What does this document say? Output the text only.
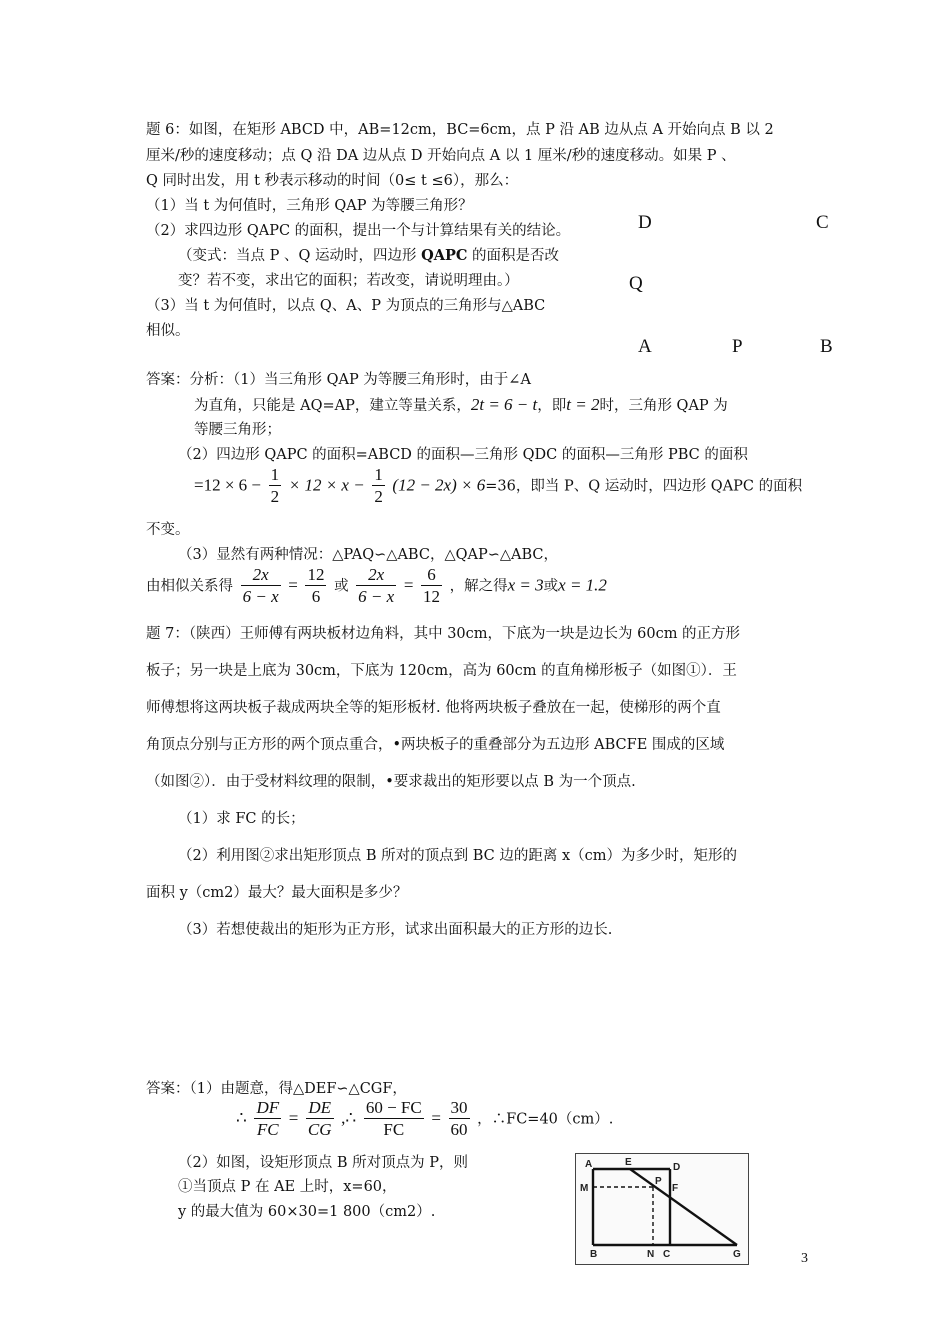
题 6：如图，在矩形 ABCD 中，AB=12cm，BC=6cm，点 P 沿 AB 边从点 A 开始向点 B 以 2
厘米/秒的速度移动；点 Q 沿 DA 边从点 D 开始向点 A 以 1 厘米/秒的速度移动。如果 P 、
Q 同时出发，用 t 秒表示移动的时间（0≤ t ≤6），那么：
（1）当 t 为何值时，三角形 QAP 为等腰三角形？
（2）求四边形 QAPC 的面积，提出一个与计算结果有关的结论。
（变式：当点 P 、Q 运动时，四边形 QAPC 的面积是否改
变？若不变，求出它的面积；若改变，请说明理由。）
（3）当 t 为何值时，以点 Q、A、P 为顶点的三角形与△ABC
相似。
D	C
Q
A	P	B
答案：分析：（1）当三角形 QAP 为等腰三角形时，由于∠A
为直角，只能是 AQ=AP，建立等量关系，2t = 6 − t，即t = 2时，三角形 QAP 为
等腰三角形；
（2）四边形 QAPC 的面积=ABCD 的面积—三角形 QDC 的面积—三角形 PBC 的面积
$=12 \times 6 - \frac{1}{2} \times 12 \times x - \frac{1}{2} (12 - 2x) \times 6=36$，即当 P、Q 运动时，四边形 QAPC 的面积
不变。
（3）显然有两种情况：△PAQ∽△ABC，△QAP∽△ABC，
由相似关系得 $\frac{2x}{6 - x} = \frac{12}{6}$ 或 $\frac{2x}{6 - x} = \frac{6}{12}$ ，解之得x = 3或x = 1.2
题 7：（陕西）王师傅有两块板材边角料，其中 30cm，下底为一块是边长为 60cm 的正方形
板子；另一块是上底为 30cm，下底为 120cm，高为 60cm 的直角梯形板子（如图①）．王
师傅想将这两块板子裁成两块全等的矩形板材. 他将两块板子叠放在一起，使梯形的两个直
角顶点分别与正方形的两个顶点重合，•两块板子的重叠部分为五边形 ABCFE 围成的区域
（如图②）．由于受材料纹理的限制，•要求裁出的矩形要以点 B 为一个顶点.
（1）求 FC 的长；
（2）利用图②求出矩形顶点 B 所对的顶点到 BC 边的距离 x（cm）为多少时，矩形的
面积 y（cm2）最大？最大面积是多少？
（3）若想使裁出的矩形为正方形，试求出面积最大的正方形的边长.
答案：（1）由题意，得△DEF∽△CGF，
∴ $\frac{DF}{FC} = \frac{DE}{CG}$ ,∴ $\frac{60 - FC}{FC} = \frac{30}{60}$ ，∴FC=40（cm）.
（2）如图，设矩形顶点 B 所对顶点为 P，则
①当顶点 P 在 AE 上时，x=60，
y 的最大值为 60×30=1 800（cm2）.
A	E	D
M
P
F
B	N C	G	3
